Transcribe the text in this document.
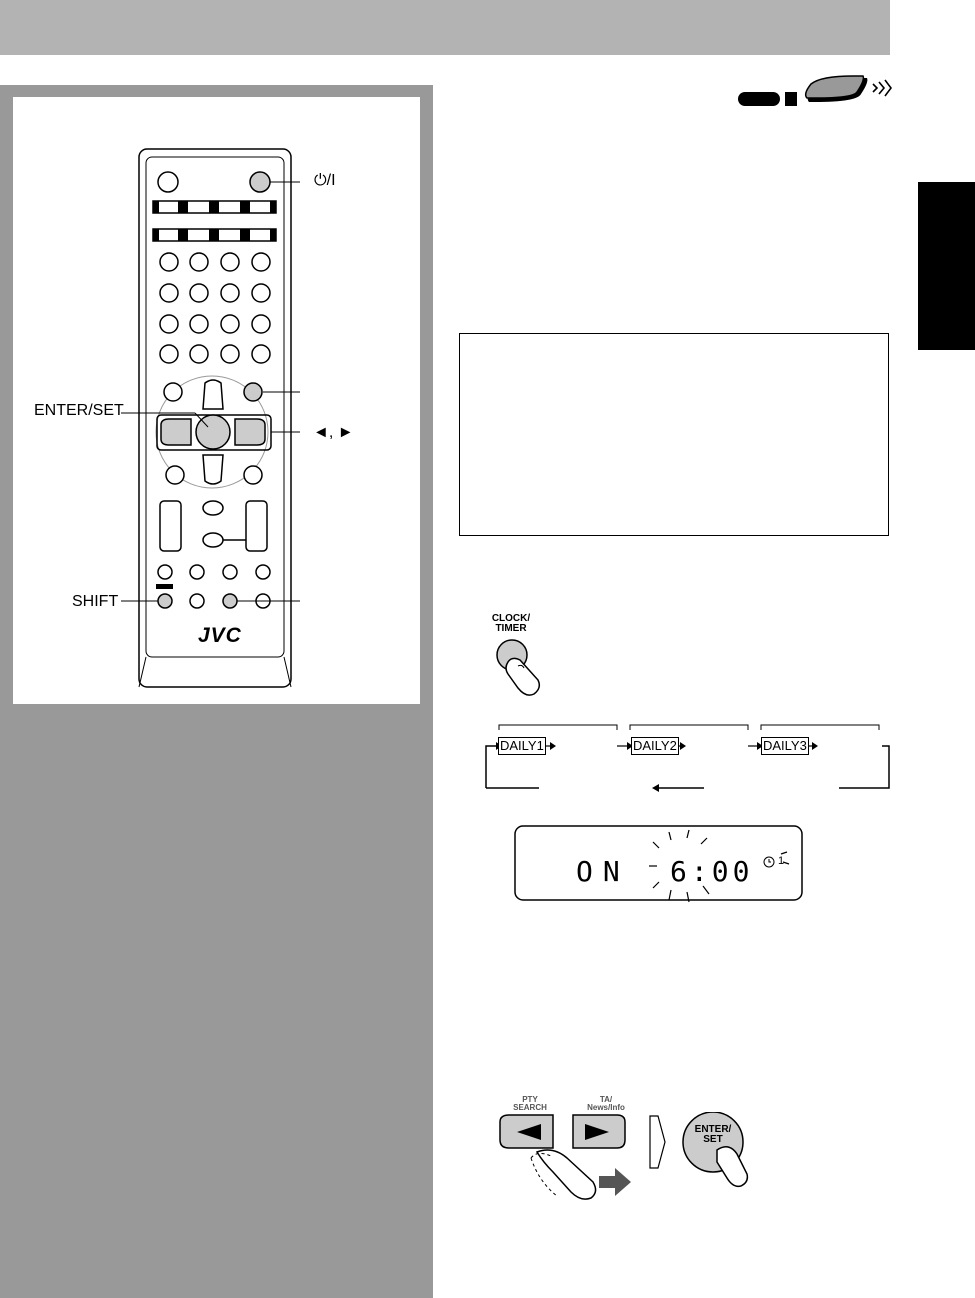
JVC
⏻/I
ENTER/SET
◄, ►
SHIFT
CLOCK/
TIMER
DAILY1	DAILY2	DAILY3
ON 6:00 1
PTY
SEARCH
TA/
News/Info
ENTER/
SET
